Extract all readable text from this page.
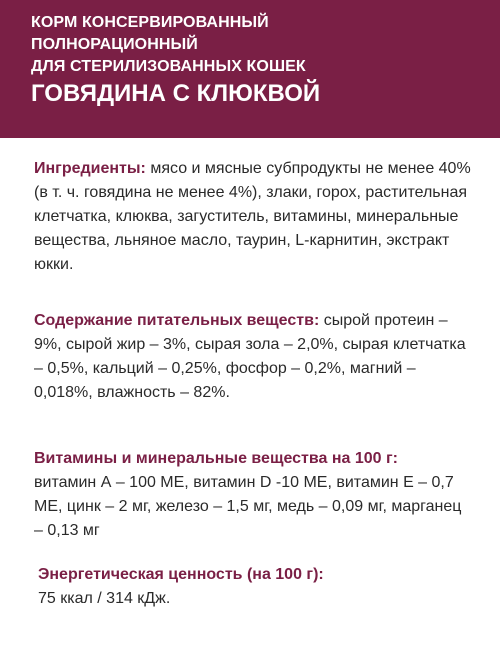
КОРМ КОНСЕРВИРОВАННЫЙ
ПОЛНОРАЦИОННЫЙ
ДЛЯ СТЕРИЛИЗОВАННЫХ КОШЕК
ГОВЯДИНА С КЛЮКВОЙ
Ингредиенты: мясо и мясные субпродукты не менее 40% (в т. ч. говядина не менее 4%), злаки, горох, растительная клетчатка, клюква, загуститель, витамины, минеральные вещества, льняное масло, таурин, L-карнитин, экстракт юкки.
Содержание питательных веществ: сырой протеин – 9%, сырой жир – 3%, сырая зола – 2,0%, сырая клетчатка – 0,5%, кальций – 0,25%, фосфор – 0,2%, магний – 0,018%, влажность – 82%.
Витамины и минеральные вещества на 100 г:
витамин А – 100 МЕ, витамин D -10 МЕ, витамин Е – 0,7 МЕ, цинк – 2 мг, железо – 1,5 мг, медь – 0,09 мг, марганец – 0,13 мг
Энергетическая ценность (на 100 г):
75 ккал / 314 кДж.
